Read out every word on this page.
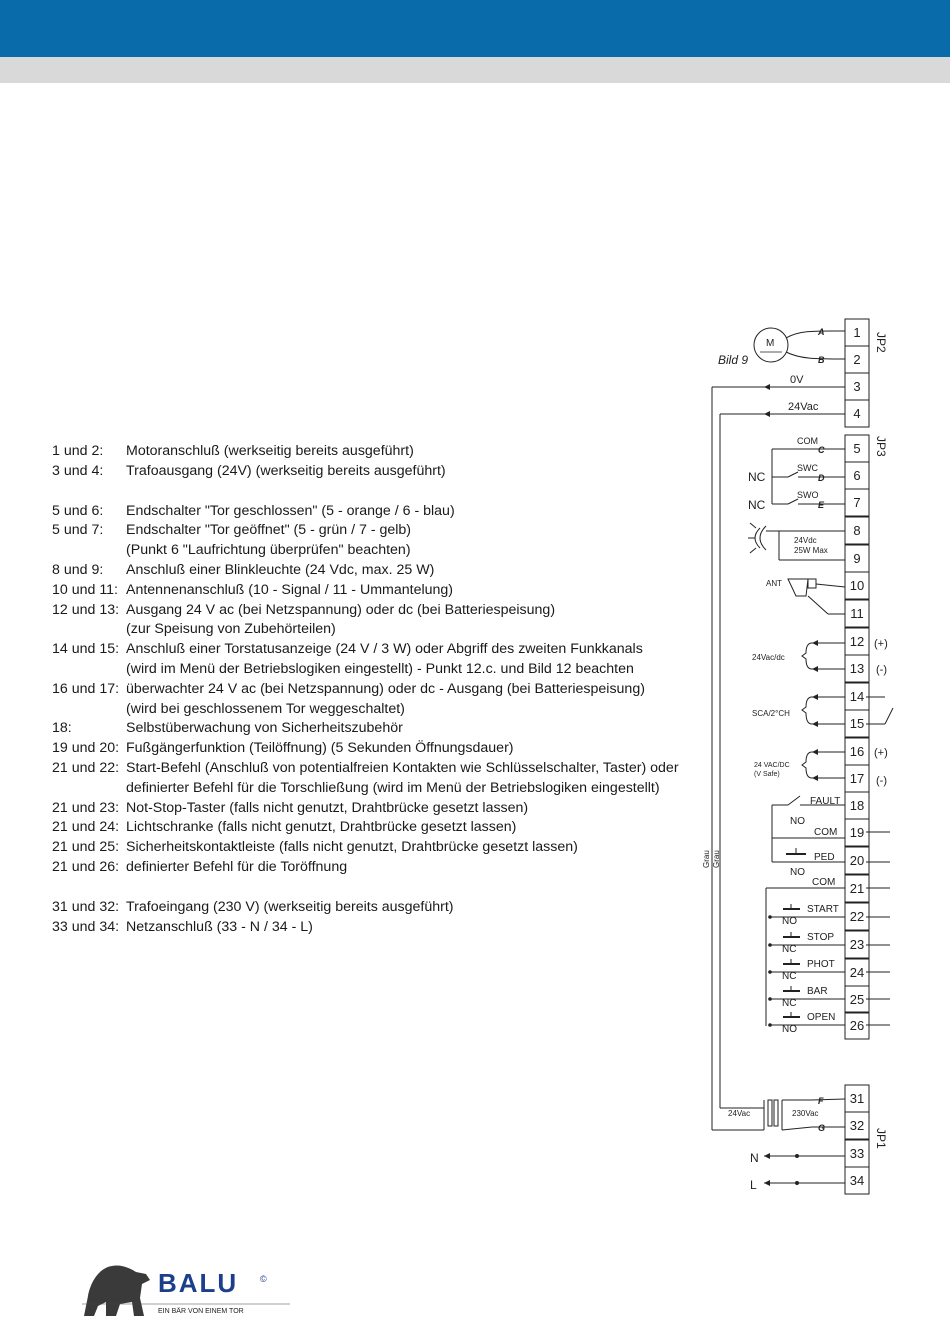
1 und 2:	Motoranschluß (werkseitig bereits ausgeführt)
3 und 4:	Trafoausgang (24V) (werkseitig bereits ausgeführt)
5 und 6:	Endschalter "Tor geschlossen" (5 - orange / 6 - blau)
5 und 7:	Endschalter "Tor geöffnet" (5 - grün / 7 - gelb)
(Punkt 6 "Laufrichtung überprüfen" beachten)
8 und 9:	Anschluß einer Blinkleuchte (24 Vdc, max. 25 W)
10 und 11: Antennenanschluß (10 - Signal / 11 - Ummantelung)
12 und 13: Ausgang 24 V ac (bei Netzspannung) oder dc (bei Batteriespeisung)
(zur Speisung von Zubehörteilen)
14 und 15: Anschluß einer Torstatusanzeige (24 V / 3 W) oder Abgriff des zweiten Funkkanals
(wird im Menü der Betriebslogiken eingestellt) - Punkt 12.c. und Bild 12 beachten
16 und 17: überwachter 24 V ac (bei Netzspannung) oder dc - Ausgang (bei Batteriespeisung)
(wird bei geschlossenem Tor weggeschaltet)
18:	Selbstüberwachung von Sicherheitszubehör
19 und 20: Fußgängerfunktion (Teilöffnung) (5 Sekunden Öffnungsdauer)
21 und 22: Start-Befehl (Anschluß von potentialfreien Kontakten wie Schlüsselschalter, Taster) oder definierter Befehl für die Torschließung (wird im Menü der Betriebslogiken eingestellt)
21 und 23: Not-Stop-Taster (falls nicht genutzt, Drahtbrücke gesetzt lassen)
21 und 24: Lichtschranke (falls nicht genutzt, Drahtbrücke gesetzt lassen)
21 und 25: Sicherheitskontaktleiste (falls nicht genutzt, Drahtbrücke gesetzt lassen)
21 und 26: definierter Befehl für die Toröffnung
31 und 32: Trafoeingang (230 V) (werkseitig bereits ausgeführt)
33 und 34: Netzanschluß (33 - N / 34 - L)
1
2
3
4
5
6
7
8
9
10
11
12
13
14
15
16
17
18
19
20
21
22
23
24
25
26
31
32
33
34
JP2
JP3
JP1
M
A
B
Bild 9
0V
24Vac
Grau Grau
COM
C
SWC
D
SWO
E
NC
NC
24Vdc
25W Max
ANT
24Vac/dc
(+)
(-)
SCA/2°CH
24 VAC/DC
(V Safe)
(+)
(-)
FAULT
NO
COM
PED
NO
COM
START
NO
STOP
NC
PHOT
NC
BAR
NC
OPEN
NO
24Vac	230Vac
F
G
N
L
BALU ©
EIN BÄR VON EINEM TOR
